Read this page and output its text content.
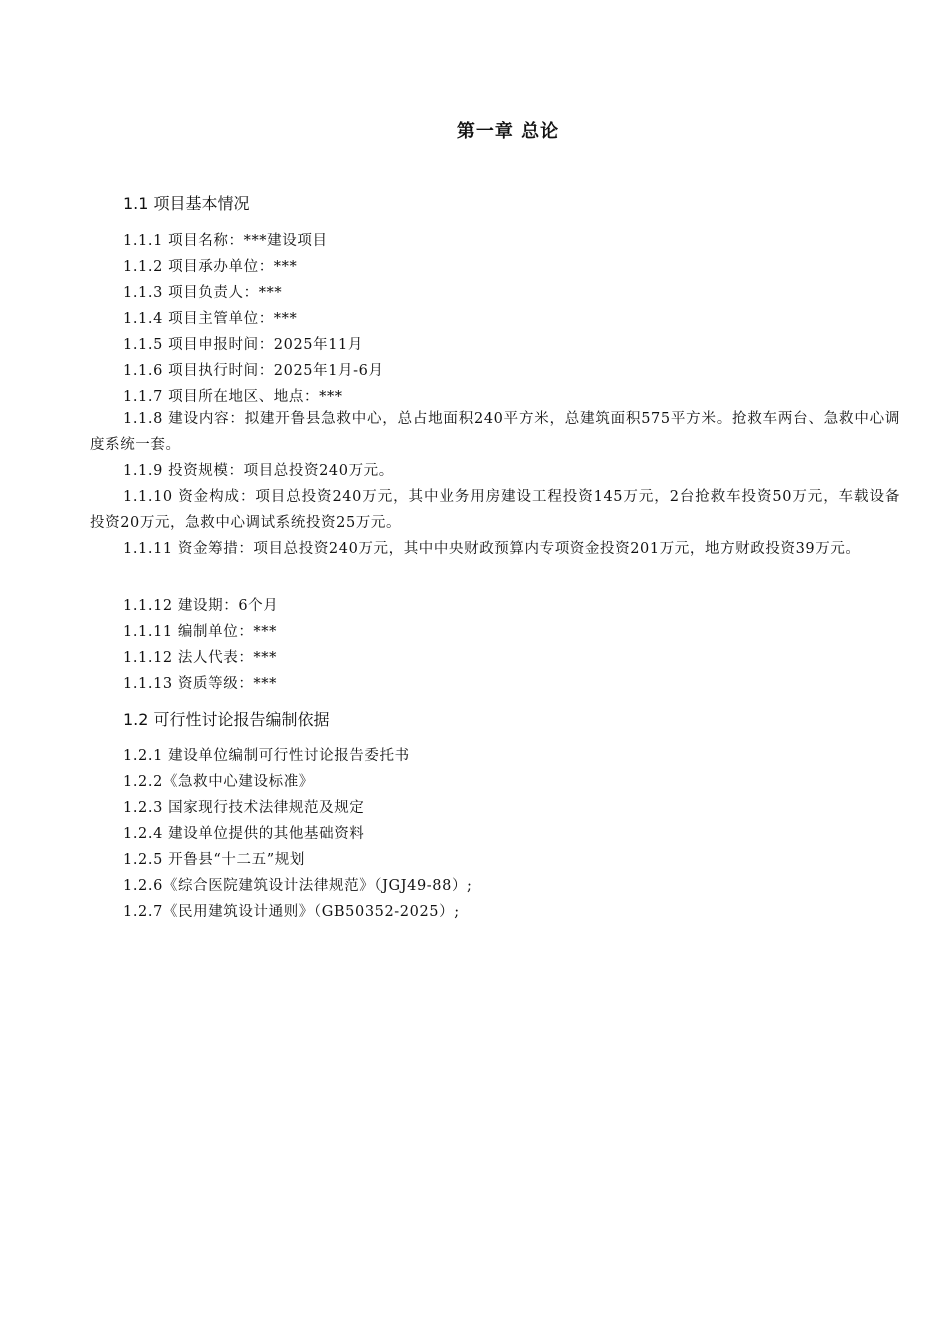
第一章 总论
1.1 项目基本情况
1.1.1 项目名称：***建设项目
1.1.2 项目承办单位：***
1.1.3 项目负责人：***
1.1.4 项目主管单位：***
1.1.5 项目申报时间：2025年11月
1.1.6 项目执行时间：2025年1月-6月
1.1.7 项目所在地区、地点：***
1.1.8 建设内容：拟建开鲁县急救中心，总占地面积240平方米，总建筑面积575平方米。抢救车两台、急救中心调度系统一套。
1.1.9 投资规模：项目总投资240万元。
1.1.10 资金构成：项目总投资240万元，其中业务用房建设工程投资145万元，2台抢救车投资50万元，车载设备投资20万元，急救中心调试系统投资25万元。
1.1.11 资金筹措：项目总投资240万元，其中中央财政预算内专项资金投资201万元，地方财政投资39万元。
1.1.12 建设期：6个月
1.1.11 编制单位：***
1.1.12 法人代表：***
1.1.13 资质等级：***
1.2 可行性讨论报告编制依据
1.2.1 建设单位编制可行性讨论报告委托书
1.2.2《急救中心建设标准》
1.2.3 国家现行技术法律规范及规定
1.2.4 建设单位提供的其他基础资料
1.2.5 开鲁县“十二五”规划
1.2.6《综合医院建筑设计法律规范》（JGJ49-88）;
1.2.7《民用建筑设计通则》（GB50352-2025）;
